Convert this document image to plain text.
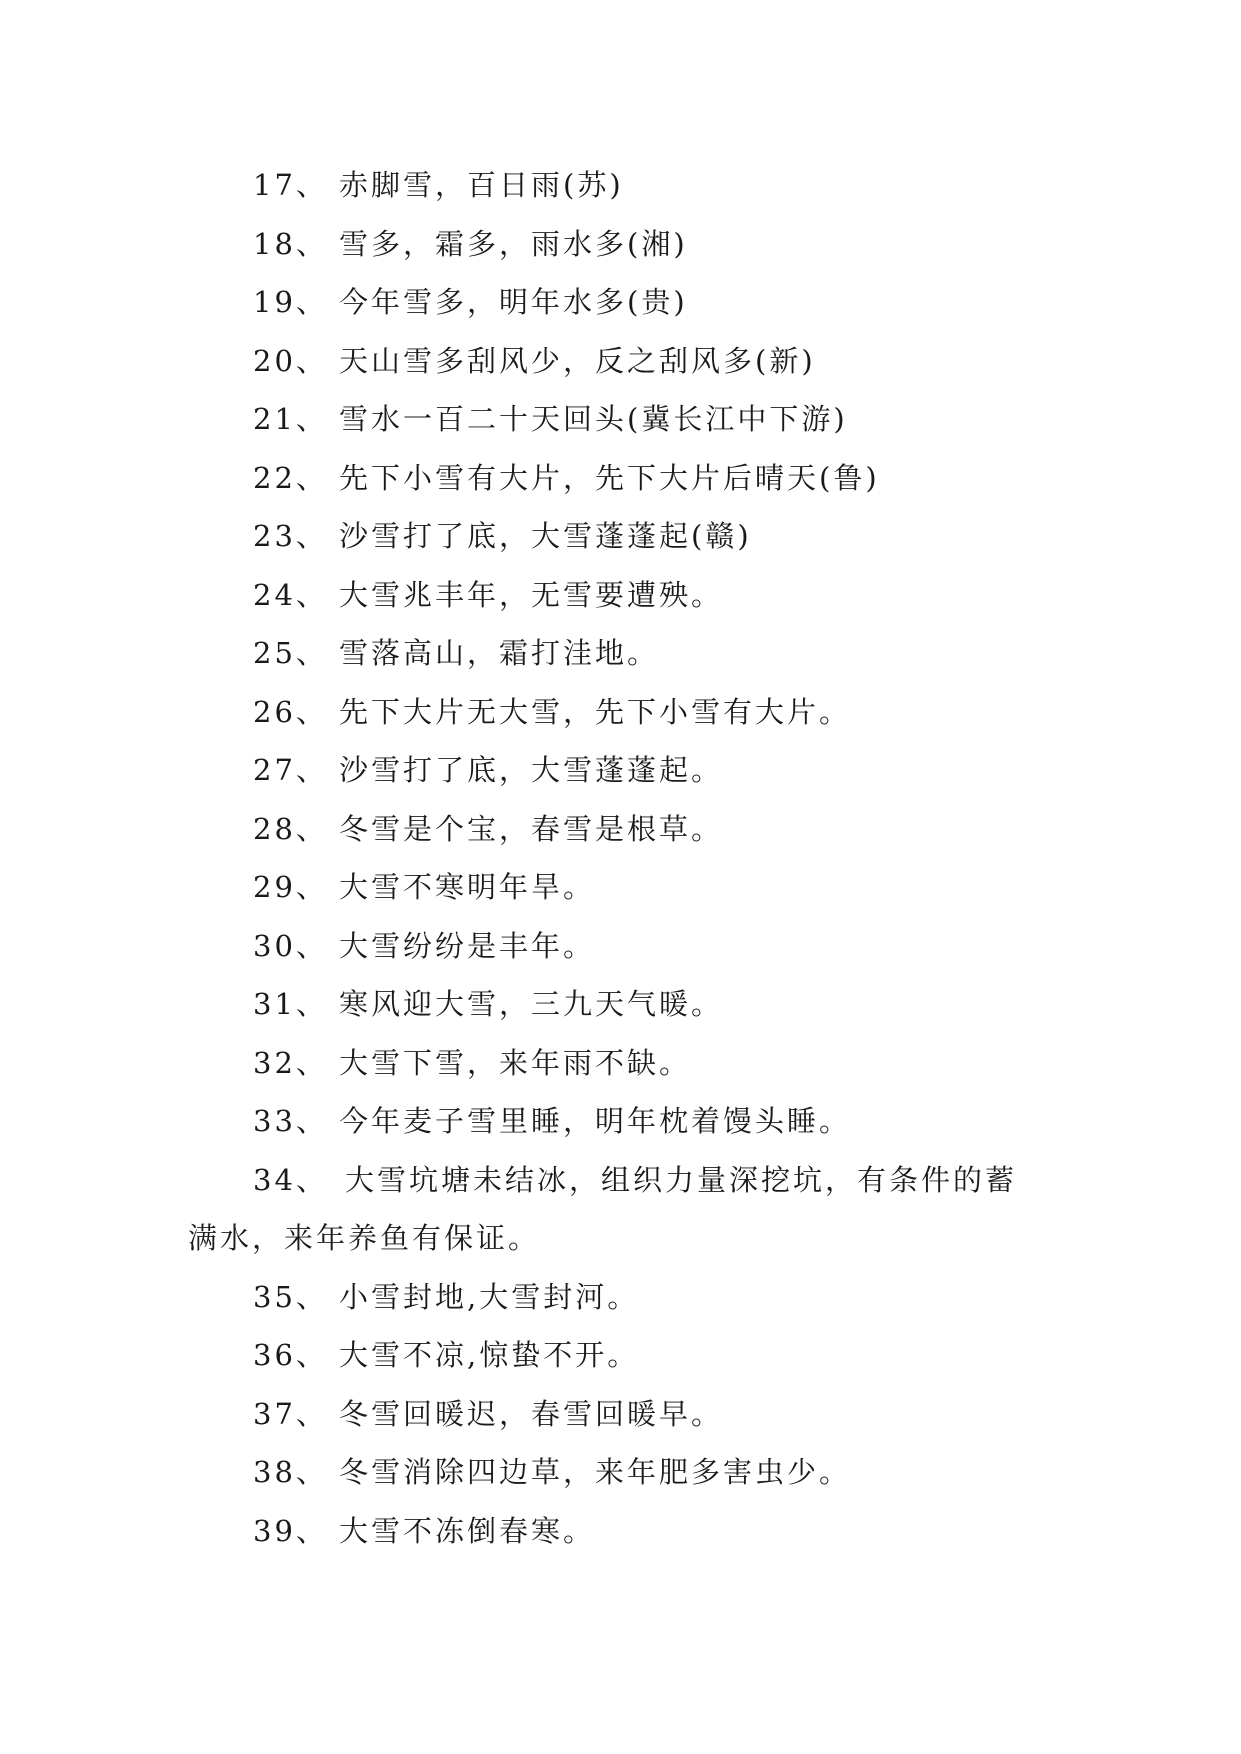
17、 赤脚雪，百日雨(苏)
18、 雪多，霜多，雨水多(湘)
19、 今年雪多，明年水多(贵)
20、 天山雪多刮风少，反之刮风多(新)
21、 雪水一百二十天回头(冀长江中下游)
22、 先下小雪有大片，先下大片后晴天(鲁)
23、 沙雪打了底，大雪蓬蓬起(赣)
24、 大雪兆丰年，无雪要遭殃。
25、 雪落高山，霜打洼地。
26、 先下大片无大雪，先下小雪有大片。
27、 沙雪打了底，大雪蓬蓬起。
28、 冬雪是个宝，春雪是根草。
29、 大雪不寒明年旱。
30、 大雪纷纷是丰年。
31、 寒风迎大雪，三九天气暖。
32、 大雪下雪，来年雨不缺。
33、 今年麦子雪里睡，明年枕着馒头睡。
34、 大雪坑塘未结冰，组织力量深挖坑，有条件的蓄
满水，来年养鱼有保证。
35、 小雪封地,大雪封河。
36、 大雪不凉,惊蛰不开。
37、 冬雪回暖迟，春雪回暖早。
38、 冬雪消除四边草，来年肥多害虫少。
39、 大雪不冻倒春寒。
